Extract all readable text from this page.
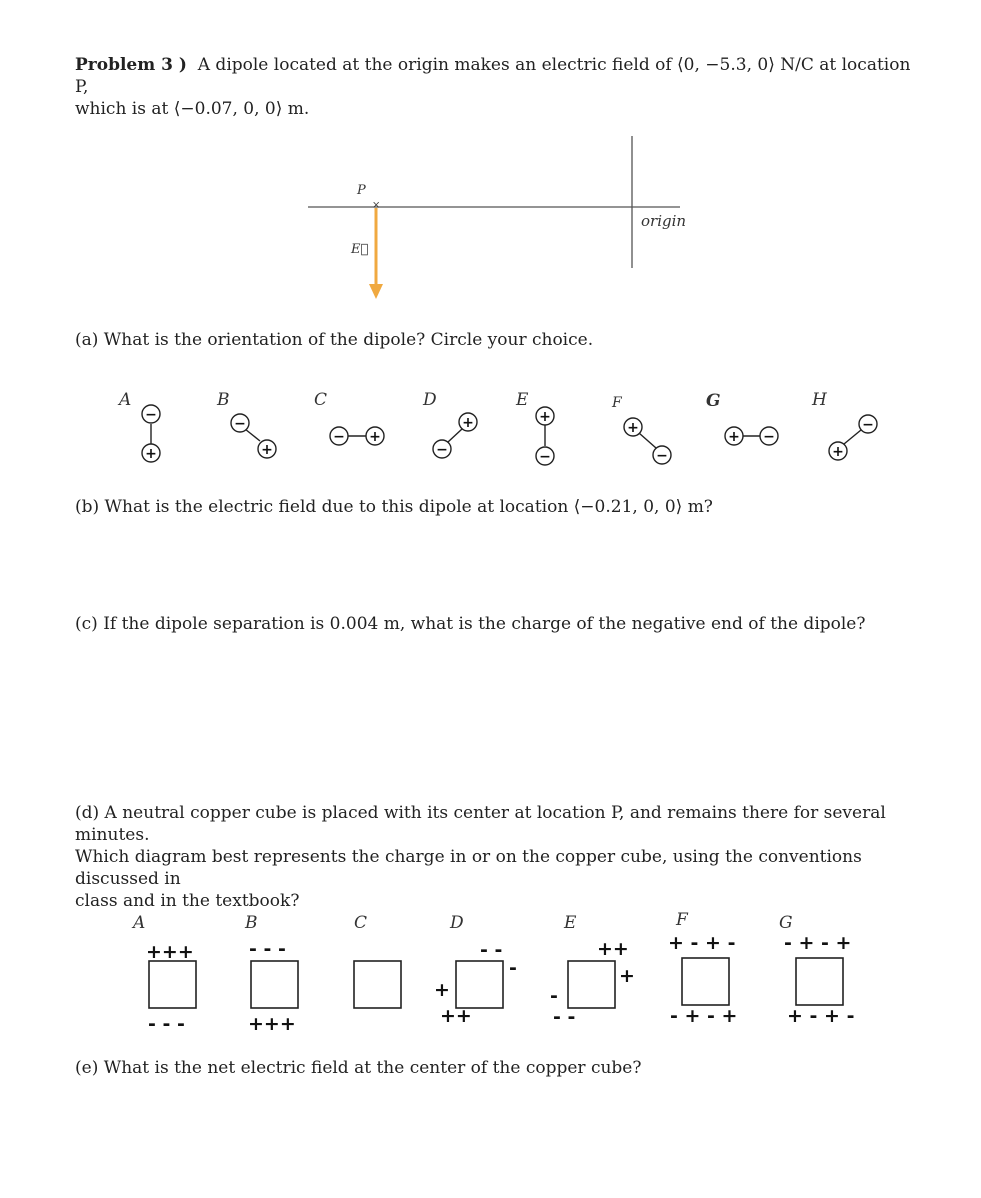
Problem 3 ) A dipole located at the origin makes an electric field of ⟨0, −5.3, 0⟩ N/C at location P,
which is at ⟨−0.07, 0, 0⟩ m.
P
×
origin
E⃗
(a) What is the orientation of the dipole? Circle your choice.
−
+
−
+
− +
−
+	+
−
+
−
+ −
+
−
A	B	C	D	E	F	G	H
(b) What is the electric field due to this dipole at location ⟨−0.21, 0, 0⟩ m?
(c) If the dipole separation is 0.004 m, what is the charge of the negative end of the dipole?
(d) A neutral copper cube is placed with its center at location P, and remains there for several minutes.
Which diagram best represents the charge in or on the copper cube, using the conventions discussed in
class and in the textbook?
A	B	C	D	E	F	G
+++
- - -
- - -
+++
- -
-
+
++
++
+
-
- -
+ - + -
- + - +
- + - +
+ - + -
(e) What is the net electric field at the center of the copper cube?
